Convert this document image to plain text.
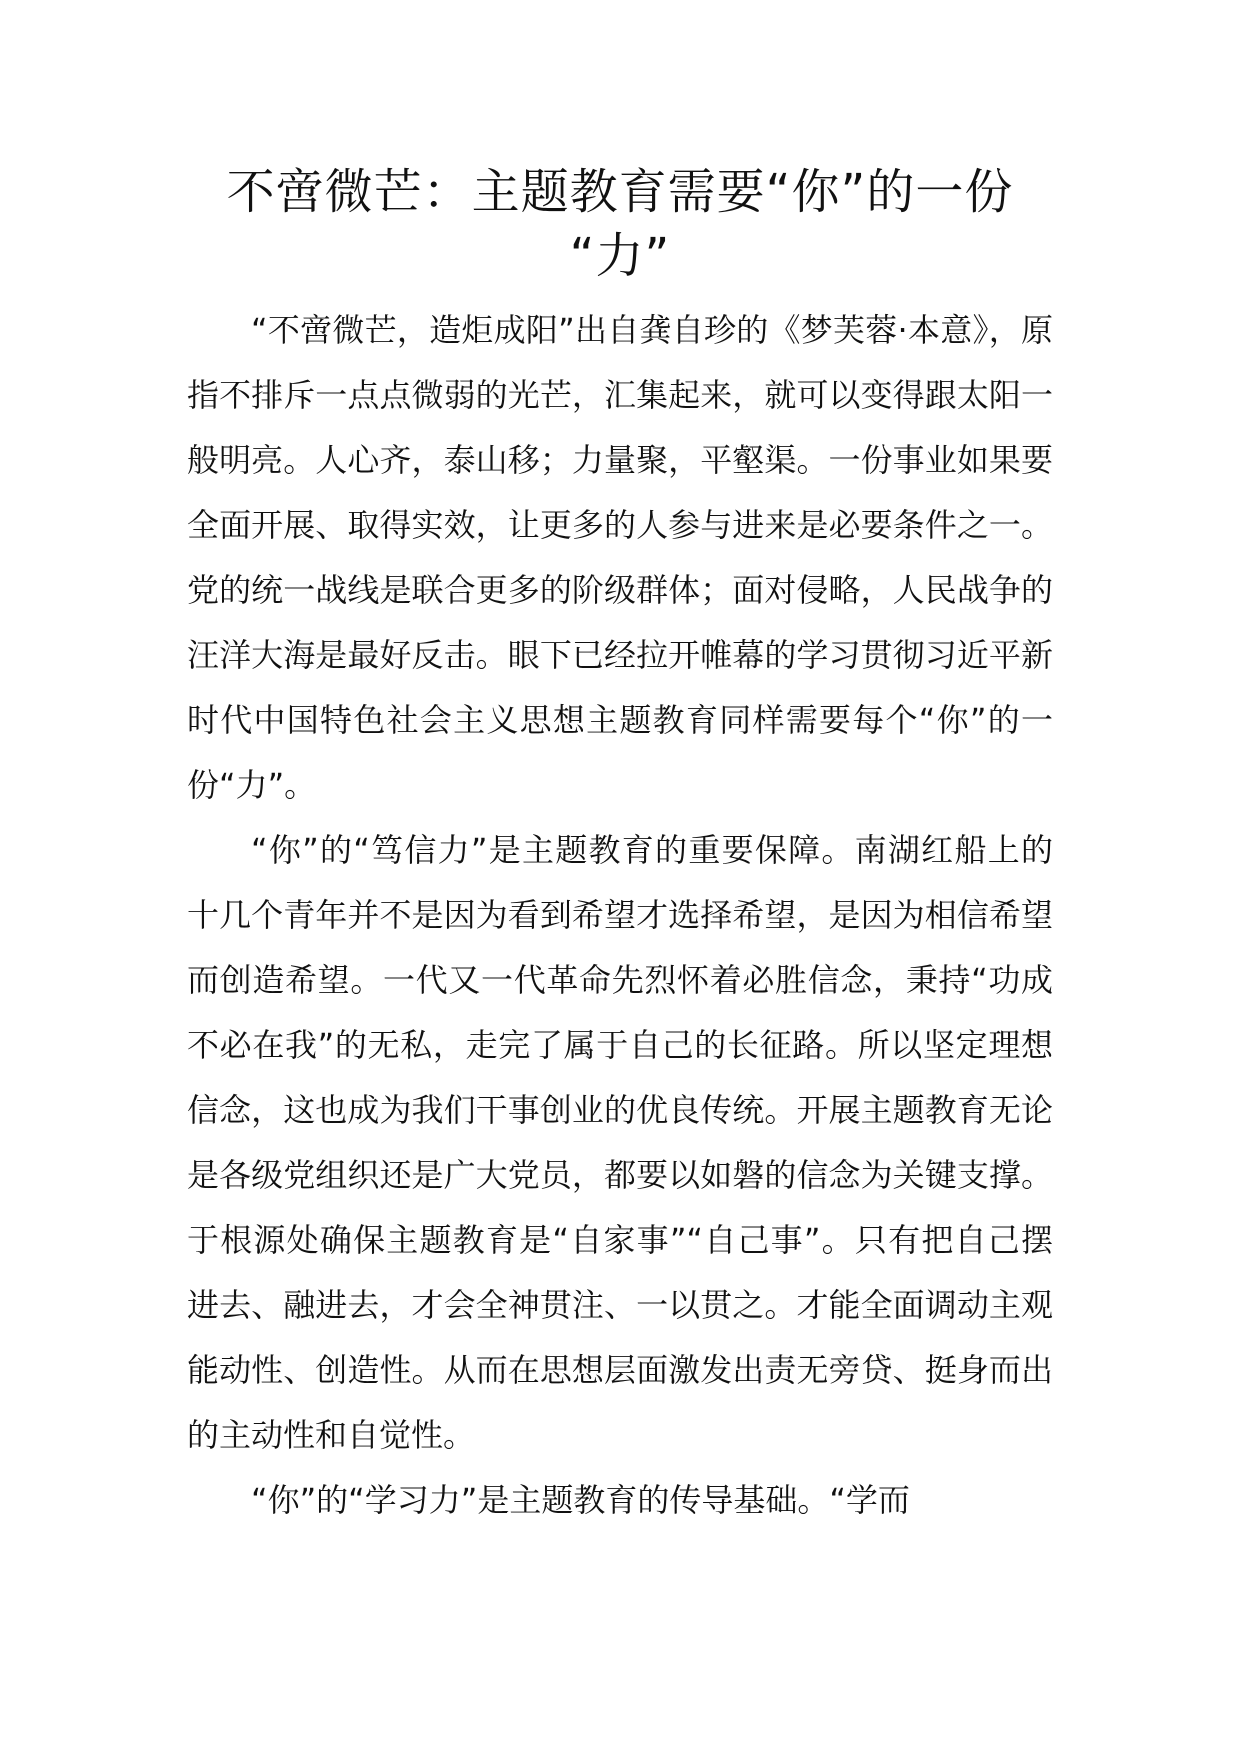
不啻微芒：主题教育需要“你”的一份
“力”

“不啻微芒，造炬成阳”出自龚自珍的《梦芙蓉·本意》，原指不排斥一点点微弱的光芒，汇集起来，就可以变得跟太阳一般明亮。人心齐，泰山移；力量聚，平壑渠。一份事业如果要全面开展、取得实效，让更多的人参与进来是必要条件之一。党的统一战线是联合更多的阶级群体；面对侵略，人民战争的汪洋大海是最好反击。眼下已经拉开帷幕的学习贯彻习近平新时代中国特色社会主义思想主题教育同样需要每个“你”的一份“力”。

“你”的“笃信力”是主题教育的重要保障。南湖红船上的十几个青年并不是因为看到希望才选择希望，是因为相信希望而创造希望。一代又一代革命先烈怀着必胜信念，秉持“功成不必在我”的无私，走完了属于自己的长征路。所以坚定理想信念，这也成为我们干事创业的优良传统。开展主题教育无论是各级党组织还是广大党员，都要以如磐的信念为关键支撑。于根源处确保主题教育是“自家事”“自己事”。只有把自己摆进去、融进去，才会全神贯注、一以贯之。才能全面调动主观能动性、创造性。从而在思想层面激发出责无旁贷、挺身而出的主动性和自觉性。

“你”的“学习力”是主题教育的传导基础。“学而
